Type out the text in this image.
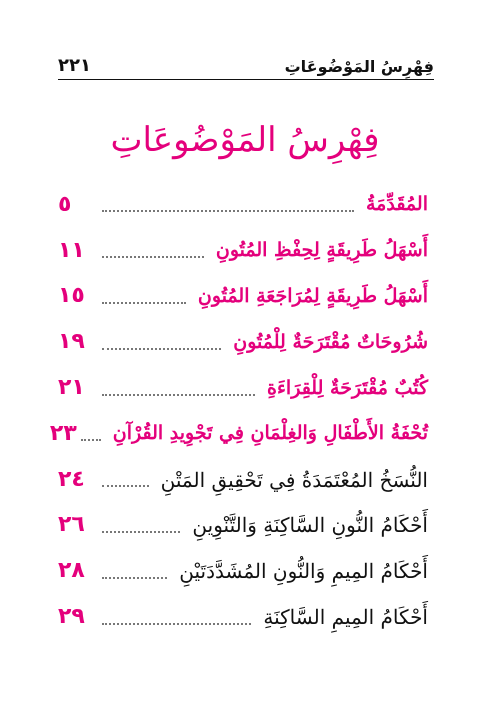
٢٢١	فِهْرِسُ المَوْضُوعَاتِ
فِهْرِسُ المَوْضُوعَاتِ
المُقَدِّمَةُ
٥
أَسْهَلُ طَرِيقَةٍ لِحِفْظِ المُتُونِ
١١
أَسْهَلُ طَرِيقَةٍ لِمُرَاجَعَةِ المُتُونِ
١٥
شُرُوحَاتٌ مُقْتَرَحَةٌ لِلْمُتُونِ
١٩
كُتُبٌ مُقْتَرَحَةٌ لِلْقِرَاءَةِ
٢١
تُحْفَةُ الأَطْفَالِ وَالغِلْمَانِ فِي تَجْوِيدِ القُرْآنِ
٢٣
النُّسَخُ المُعْتَمَدَةُ فِي تَحْقِيقِ المَتْنِ
٢٤
أَحْكَامُ النُّونِ السَّاكِنَةِ وَالتَّنْوِينِ
٢٦
أَحْكَامُ المِيمِ وَالنُّونِ المُشَدَّدَتَيْنِ
٢٨
أَحْكَامُ المِيمِ السَّاكِنَةِ
٢٩
